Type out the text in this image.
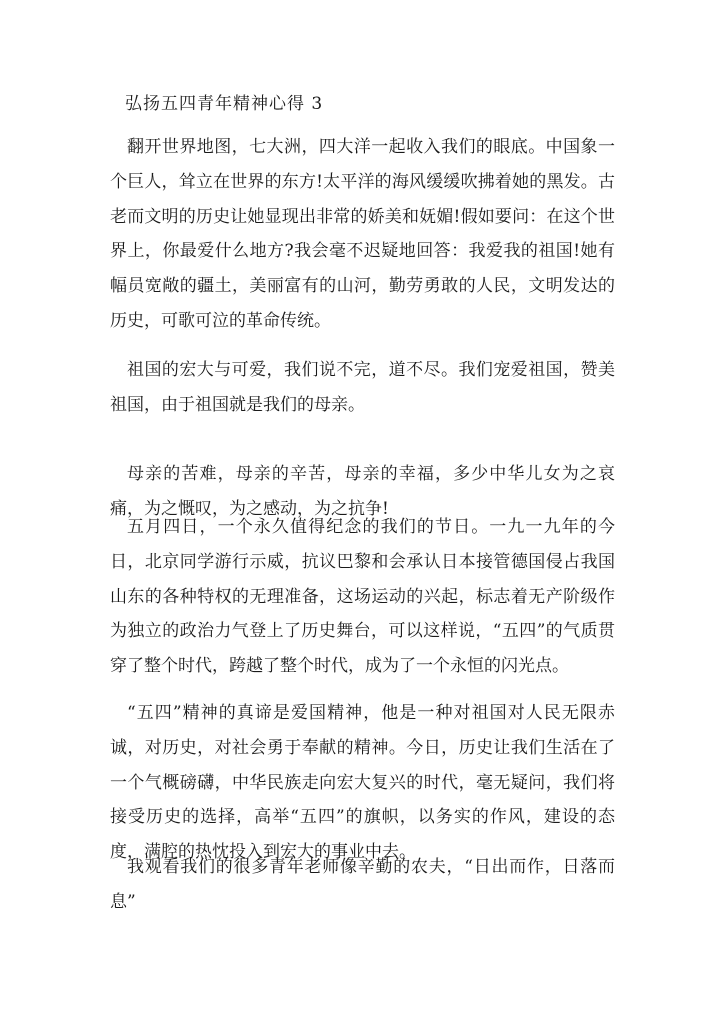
弘扬五四青年精神心得 3

翻开世界地图，七大洲，四大洋一起收入我们的眼底。中国象一个巨人，耸立在世界的东方!太平洋的海风缓缓吹拂着她的黑发。古老而文明的历史让她显现出非常的娇美和妩媚!假如要问：在这个世界上，你最爱什么地方?我会毫不迟疑地回答：我爱我的祖国!她有幅员宽敞的疆土，美丽富有的山河，勤劳勇敢的人民，文明发达的历史，可歌可泣的革命传统。

祖国的宏大与可爱，我们说不完，道不尽。我们宠爱祖国，赞美祖国，由于祖国就是我们的母亲。

母亲的苦难，母亲的辛苦，母亲的幸福，多少中华儿女为之哀痛，为之慨叹，为之感动，为之抗争!

五月四日，一个永久值得纪念的我们的节日。一九一九年的今日，北京同学游行示威，抗议巴黎和会承认日本接管德国侵占我国山东的各种特权的无理准备，这场运动的兴起，标志着无产阶级作为独立的政治力气登上了历史舞台，可以这样说，“五四”的气质贯穿了整个时代，跨越了整个时代，成为了一个永恒的闪光点。

“五四”精神的真谛是爱国精神，他是一种对祖国对人民无限赤诚，对历史，对社会勇于奉献的精神。今日，历史让我们生活在了一个气概磅礴，中华民族走向宏大复兴的时代，毫无疑问，我们将接受历史的选择，高举“五四”的旗帜，以务实的作风，建设的态度，满腔的热忱投入到宏大的事业中去。

我观看我们的很多青年老师像辛勤的农夫，“日出而作，日落而息”
